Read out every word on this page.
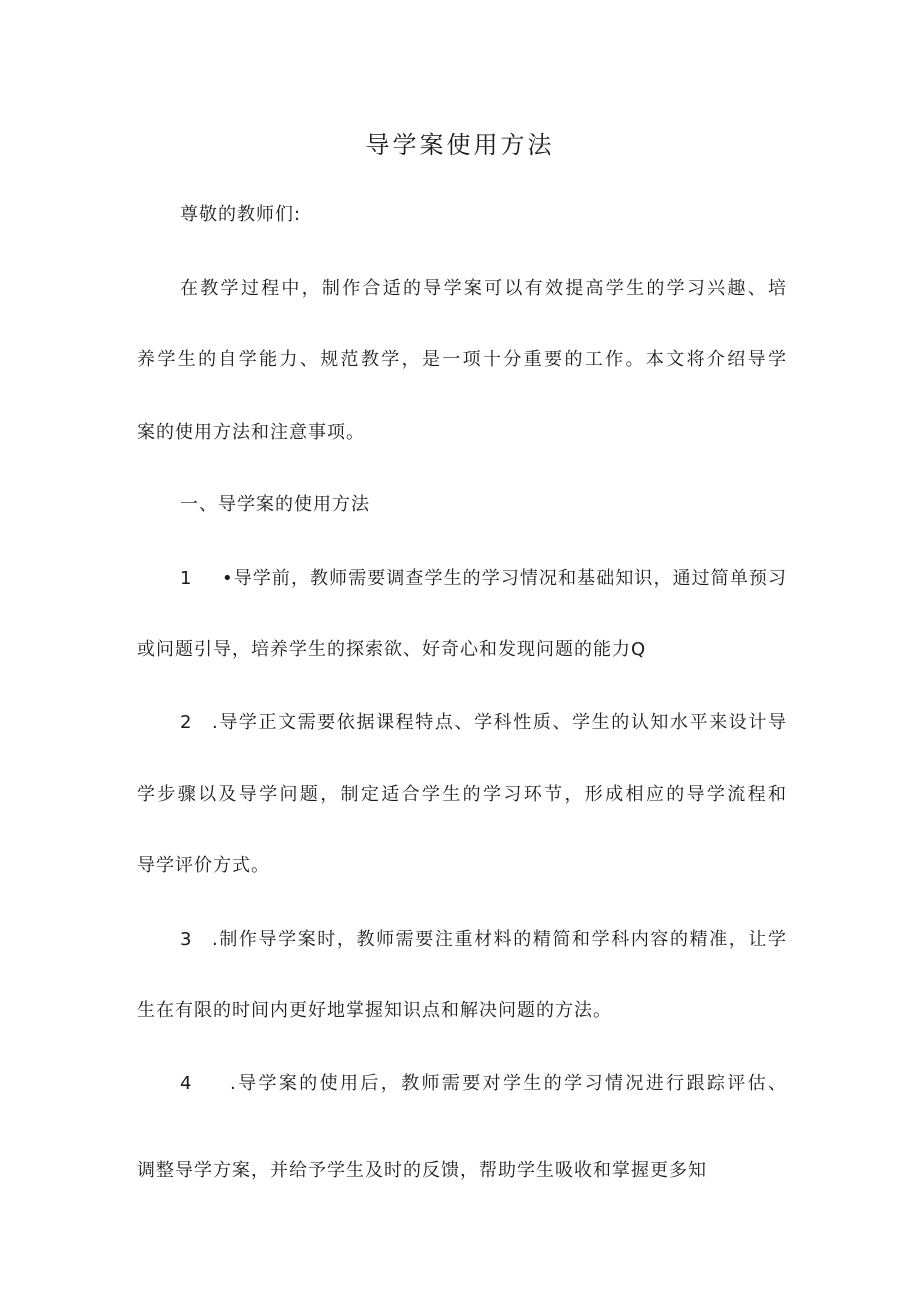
导学案使用方法
尊敬的教师们:
在教学过程中，制作合适的导学案可以有效提高学生的学习兴趣、培
养学生的自学能力、规范教学，是一项十分重要的工作。本文将介绍导学
案的使用方法和注意事项。
一、导学案的使用方法
1	•导学前，教师需要调查学生的学习情况和基础知识，通过简单预习
或问题引导，培养学生的探索欲、好奇心和发现问题的能力Q
2	.导学正文需要依据课程特点、学科性质、学生的认知水平来设计导
学步骤以及导学问题，制定适合学生的学习环节，形成相应的导学流程和
导学评价方式。
3	.制作导学案时，教师需要注重材料的精简和学科内容的精准，让学
生在有限的时间内更好地掌握知识点和解决问题的方法。
4	.导学案的使用后，教师需要对学生的学习情况进行跟踪评估、
调整导学方案，并给予学生及时的反馈，帮助学生吸收和掌握更多知
